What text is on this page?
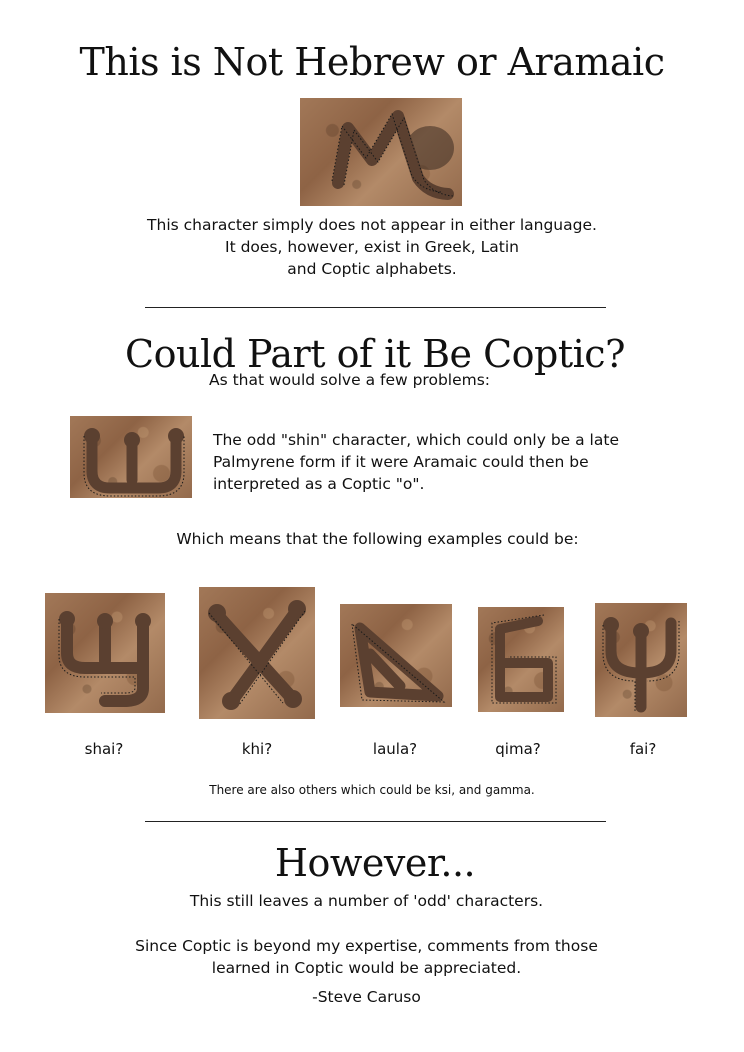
This is Not Hebrew or Aramaic
This character simply does not appear in either language.
It does, however, exist in Greek, Latin
and Coptic alphabets.
Could Part of it Be Coptic?
As that would solve a few problems:
The odd "shin" character, which could only be a late
Palmyrene form if it were Aramaic could then be
interpreted as a Coptic "o".
Which means that the following examples could be:
shai?	khi?	laula?	qima?	fai?
There are also others which could be ksi, and gamma.
However...
This still leaves a number of 'odd' characters.
Since Coptic is beyond my expertise, comments from those
learned in Coptic would be appreciated.
-Steve Caruso
